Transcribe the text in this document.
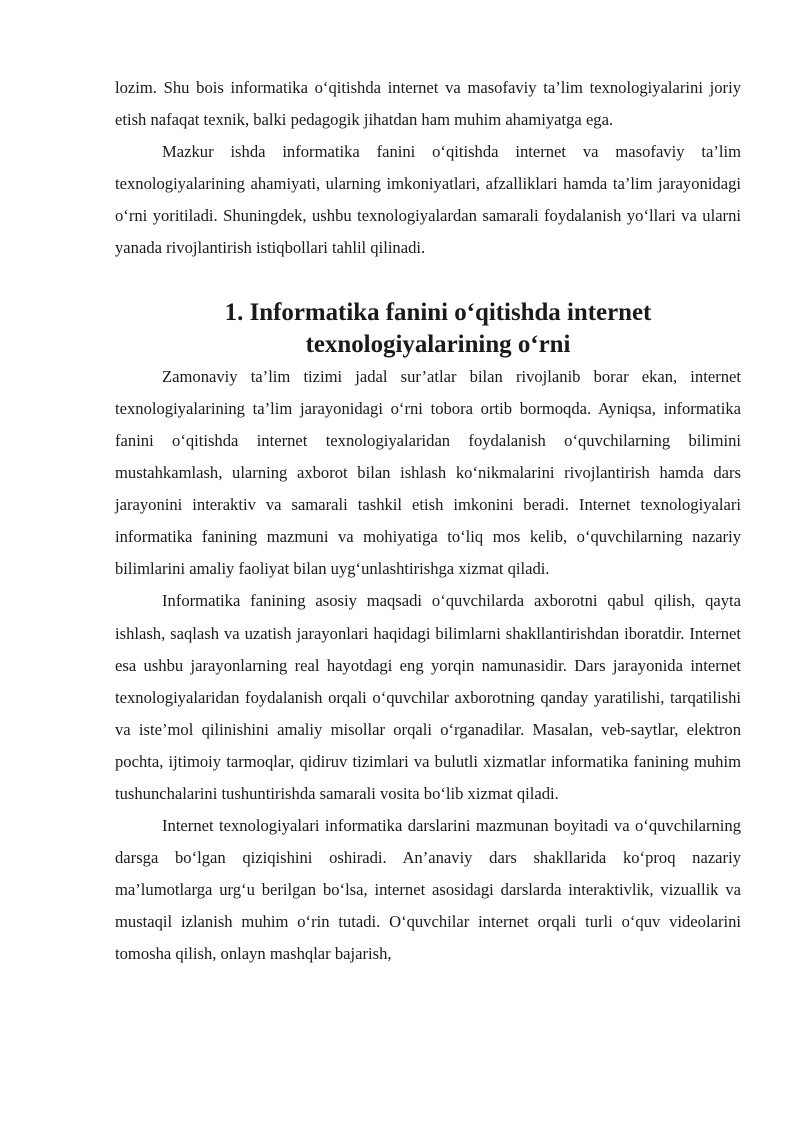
lozim. Shu bois informatika o‘qitishda internet va masofaviy ta’lim texnologiyalarini joriy etish nafaqat texnik, balki pedagogik jihatdan ham muhim ahamiyatga ega.

Mazkur ishda informatika fanini o‘qitishda internet va masofaviy ta’lim texnologiyalarining ahamiyati, ularning imkoniyatlari, afzalliklari hamda ta’lim jarayonidagi o‘rni yoritiladi. Shuningdek, ushbu texnologiyalardan samarali foydalanish yo‘llari va ularni yanada rivojlantirish istiqbollari tahlil qilinadi.

1. Informatika fanini o‘qitishda internet texnologiyalarining o‘rni

Zamonaviy ta’lim tizimi jadal sur’atlar bilan rivojlanib borar ekan, internet texnologiyalarining ta’lim jarayonidagi o‘rni tobora ortib bormoqda. Ayniqsa, informatika fanini o‘qitishda internet texnologiyalaridan foydalanish o‘quvchilarning bilimini mustahkamlash, ularning axborot bilan ishlash ko‘nikmalarini rivojlantirish hamda dars jarayonini interaktiv va samarali tashkil etish imkonini beradi. Internet texnologiyalari informatika fanining mazmuni va mohiyatiga to‘liq mos kelib, o‘quvchilarning nazariy bilimlarini amaliy faoliyat bilan uyg‘unlashtirishga xizmat qiladi.

Informatika fanining asosiy maqsadi o‘quvchilarda axborotni qabul qilish, qayta ishlash, saqlash va uzatish jarayonlari haqidagi bilimlarni shakllantirishdan iboratdir. Internet esa ushbu jarayonlarning real hayotdagi eng yorqin namunasidir. Dars jarayonida internet texnologiyalaridan foydalanish orqali o‘quvchilar axborotning qanday yaratilishi, tarqatilishi va iste’mol qilinishini amaliy misollar orqali o‘rganadilar. Masalan, veb-saytlar, elektron pochta, ijtimoiy tarmoqlar, qidiruv tizimlari va bulutli xizmatlar informatika fanining muhim tushunchalarini tushuntirishda samarali vosita bo‘lib xizmat qiladi.

Internet texnologiyalari informatika darslarini mazmunan boyitadi va o‘quvchilarning darsga bo‘lgan qiziqishini oshiradi. An’anaviy dars shakllarida ko‘proq nazariy ma’lumotlarga urg‘u berilgan bo‘lsa, internet asosidagi darslarda interaktivlik, vizuallik va mustaqil izlanish muhim o‘rin tutadi. O‘quvchilar internet orqali turli o‘quv videolarini tomosha qilish, onlayn mashqlar bajarish,
